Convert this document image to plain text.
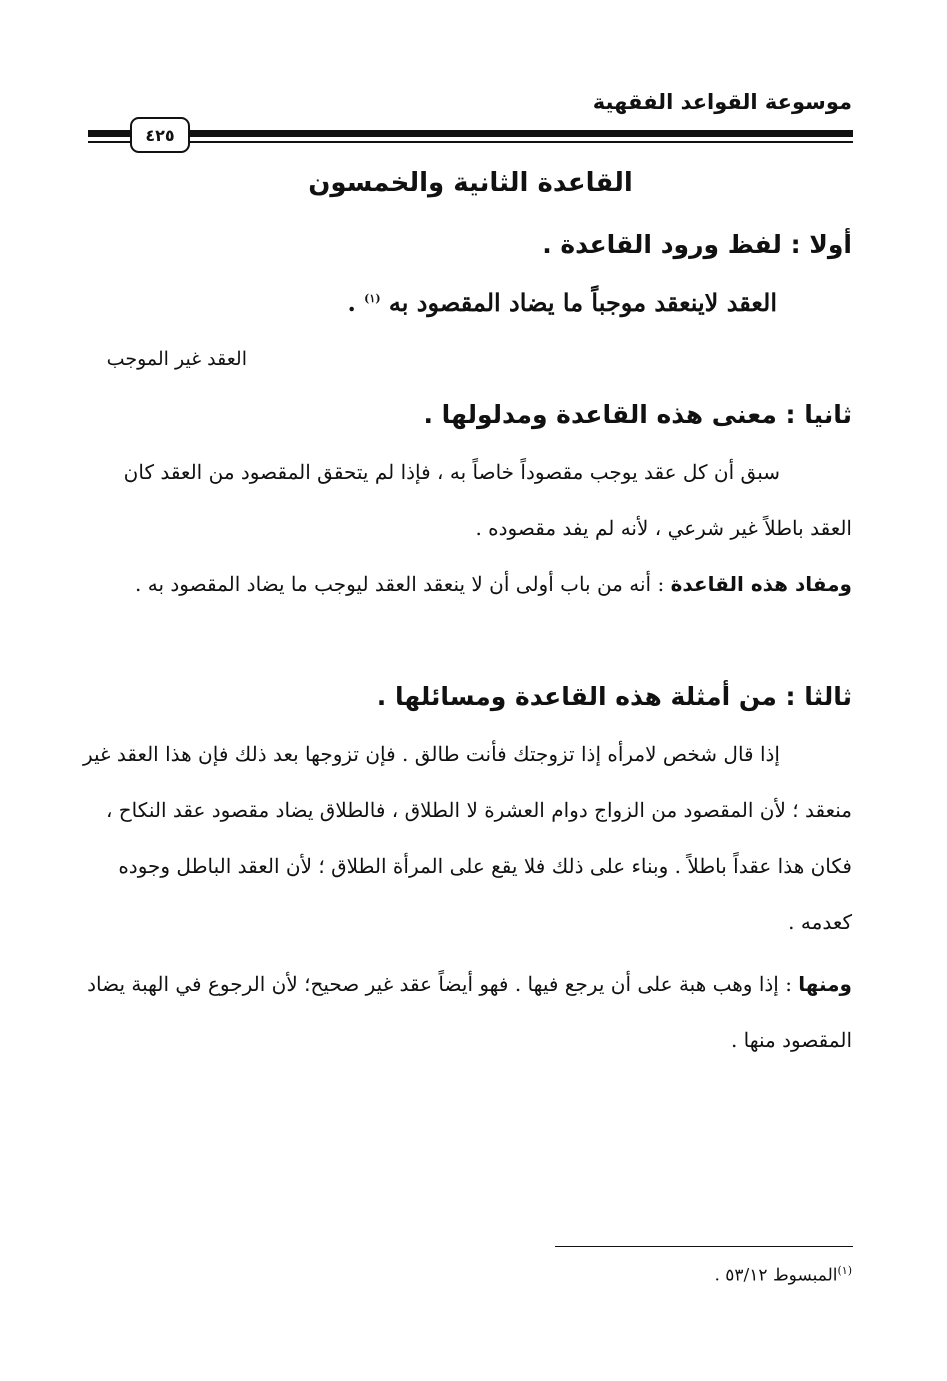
موسوعة القواعد الفقهية
٤٢٥
القاعدة الثانية والخمسون
أولا : لفظ ورود القاعدة .
العقد لاينعقد موجباً ما يضاد المقصود به $^{(١)}$ .
العقد غير الموجب
ثانيا : معنى هذه القاعدة ومدلولها .
سبق أن كل عقد يوجب مقصوداً خاصاً به ، فإذا لم يتحقق المقصود من العقد كان العقد باطلاً غير شرعي ، لأنه لم يفد مقصوده .
ومفاد هذه القاعدة : أنه من باب أولى أن لا ينعقد العقد ليوجب ما يضاد المقصود به .
ثالثا : من أمثلة هذه القاعدة ومسائلها .
إذا قال شخص لامرأه إذا تزوجتك فأنت طالق . فإن تزوجها بعد ذلك فإن هذا العقد غير منعقد ؛ لأن المقصود من الزواج دوام العشرة لا الطلاق ، فالطلاق يضاد مقصود عقد النكاح ، فكان هذا عقداً باطلاً . وبناء على ذلك فلا يقع على المرأة الطلاق ؛ لأن العقد الباطل وجوده كعدمه .
ومنها : إذا وهب هبة على أن يرجع فيها . فهو أيضاً عقد غير صحيح؛ لأن الرجوع في الهبة يضاد المقصود منها .
$^{(١)}$المبسوط ٥٣/١٢ .
